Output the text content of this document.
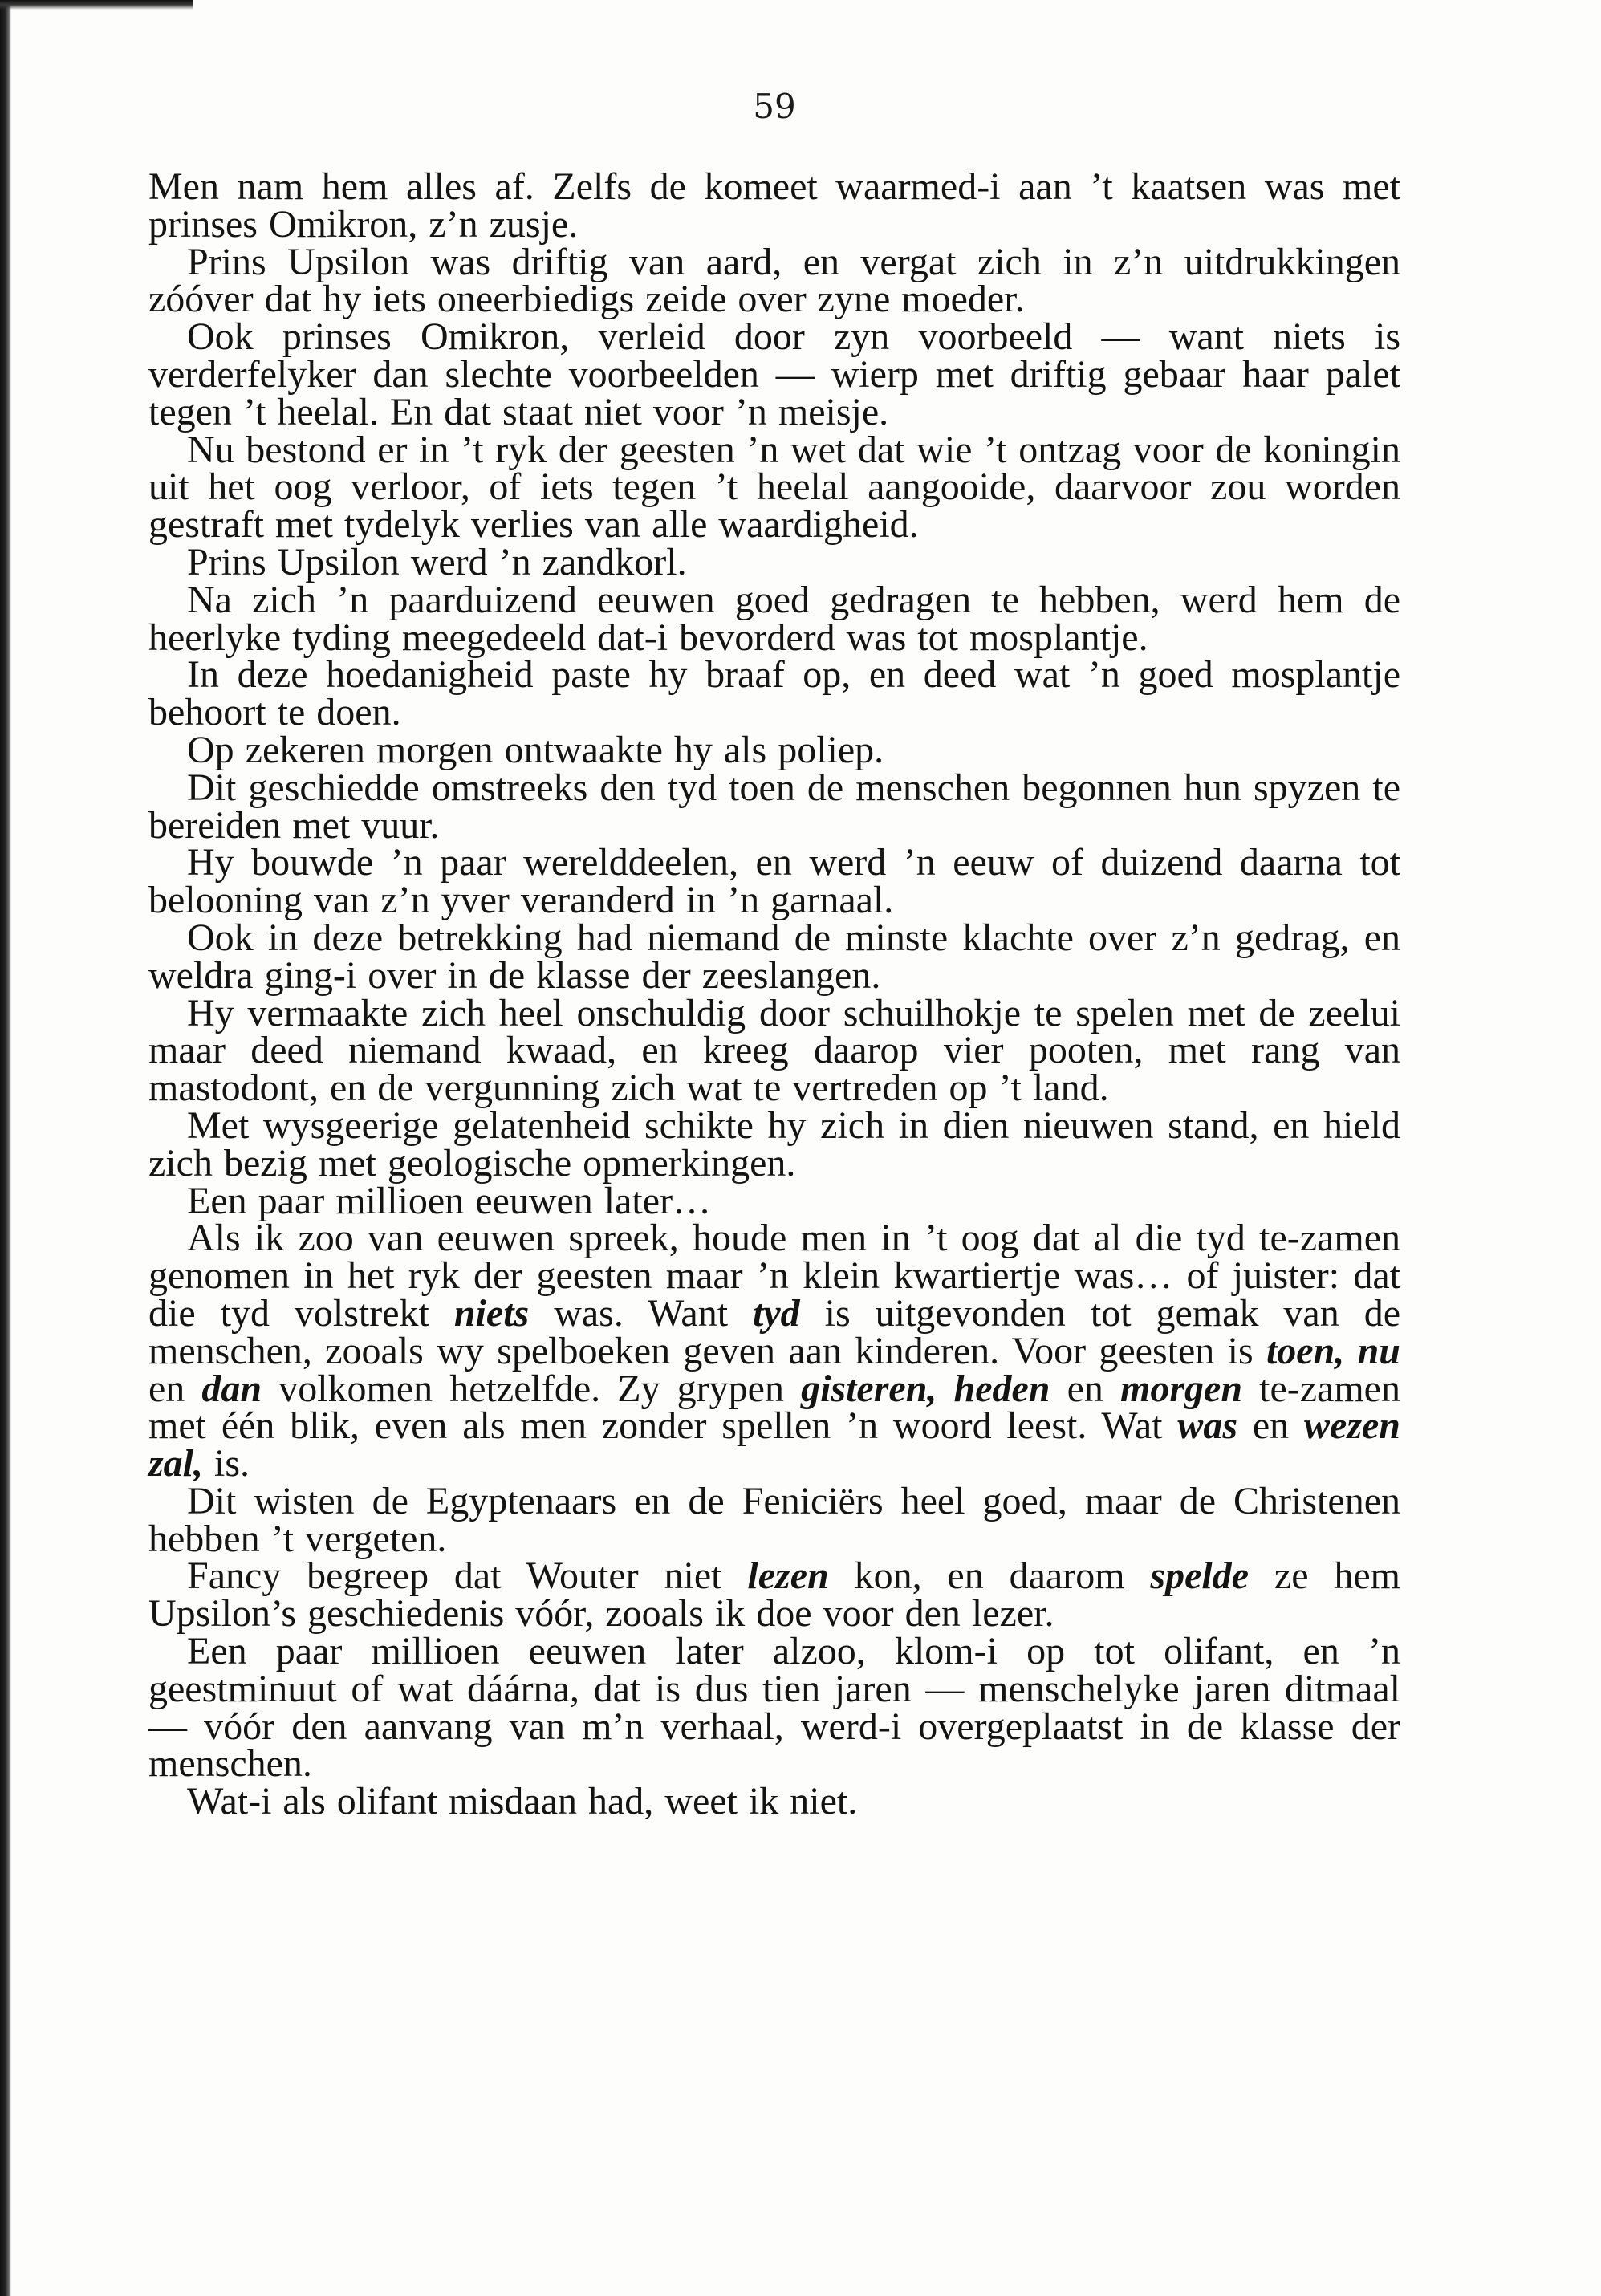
59

Men nam hem alles af. Zelfs de komeet waarmed-i aan ’t kaatsen was met prinses Omikron, z’n zusje.

Prins Upsilon was driftig van aard, en vergat zich in z’n uitdrukkingen zóóver dat hy iets oneerbiedigs zeide over zyne moeder.

Ook prinses Omikron, verleid door zyn voorbeeld — want niets is verderfelyker dan slechte voorbeelden — wierp met driftig gebaar haar palet tegen ’t heelal. En dat staat niet voor ’n meisje.

Nu bestond er in ’t ryk der geesten ’n wet dat wie ’t ontzag voor de koningin uit het oog verloor, of iets tegen ’t heelal aangooide, daarvoor zou worden gestraft met tydelyk verlies van alle waardigheid.

Prins Upsilon werd ’n zandkorl.

Na zich ’n paarduizend eeuwen goed gedragen te hebben, werd hem de heerlyke tyding meegedeeld dat-i bevorderd was tot mosplantje.

In deze hoedanigheid paste hy braaf op, en deed wat ’n goed mosplantje behoort te doen.

Op zekeren morgen ontwaakte hy als poliep.

Dit geschiedde omstreeks den tyd toen de menschen begonnen hun spyzen te bereiden met vuur.

Hy bouwde ’n paar werelddeelen, en werd ’n eeuw of duizend daarna tot belooning van z’n yver veranderd in ’n garnaal.

Ook in deze betrekking had niemand de minste klachte over z’n gedrag, en weldra ging-i over in de klasse der zeeslangen.

Hy vermaakte zich heel onschuldig door schuilhokje te spelen met de zeelui maar deed niemand kwaad, en kreeg daarop vier pooten, met rang van mastodont, en de vergunning zich wat te vertreden op ’t land.

Met wysgeerige gelatenheid schikte hy zich in dien nieuwen stand, en hield zich bezig met geologische opmerkingen.

Een paar millioen eeuwen later…

Als ik zoo van eeuwen spreek, houde men in ’t oog dat al die tyd te-zamen genomen in het ryk der geesten maar ’n klein kwartiertje was… of juister: dat die tyd volstrekt niets was. Want tyd is uitgevonden tot gemak van de menschen, zooals wy spelboeken geven aan kinderen. Voor geesten is toen, nu en dan volkomen hetzelfde. Zy grypen gisteren, heden en morgen te-zamen met één blik, even als men zonder spellen ’n woord leest. Wat was en wezen zal, is.

Dit wisten de Egyptenaars en de Feniciërs heel goed, maar de Christenen hebben ’t vergeten.

Fancy begreep dat Wouter niet lezen kon, en daarom spelde ze hem Upsilon’s geschiedenis vóór, zooals ik doe voor den lezer.

Een paar millioen eeuwen later alzoo, klom-i op tot olifant, en ’n geestminuut of wat dáárna, dat is dus tien jaren — menschelyke jaren ditmaal — vóór den aanvang van m’n verhaal, werd-i overgeplaatst in de klasse der menschen.

Wat-i als olifant misdaan had, weet ik niet.
